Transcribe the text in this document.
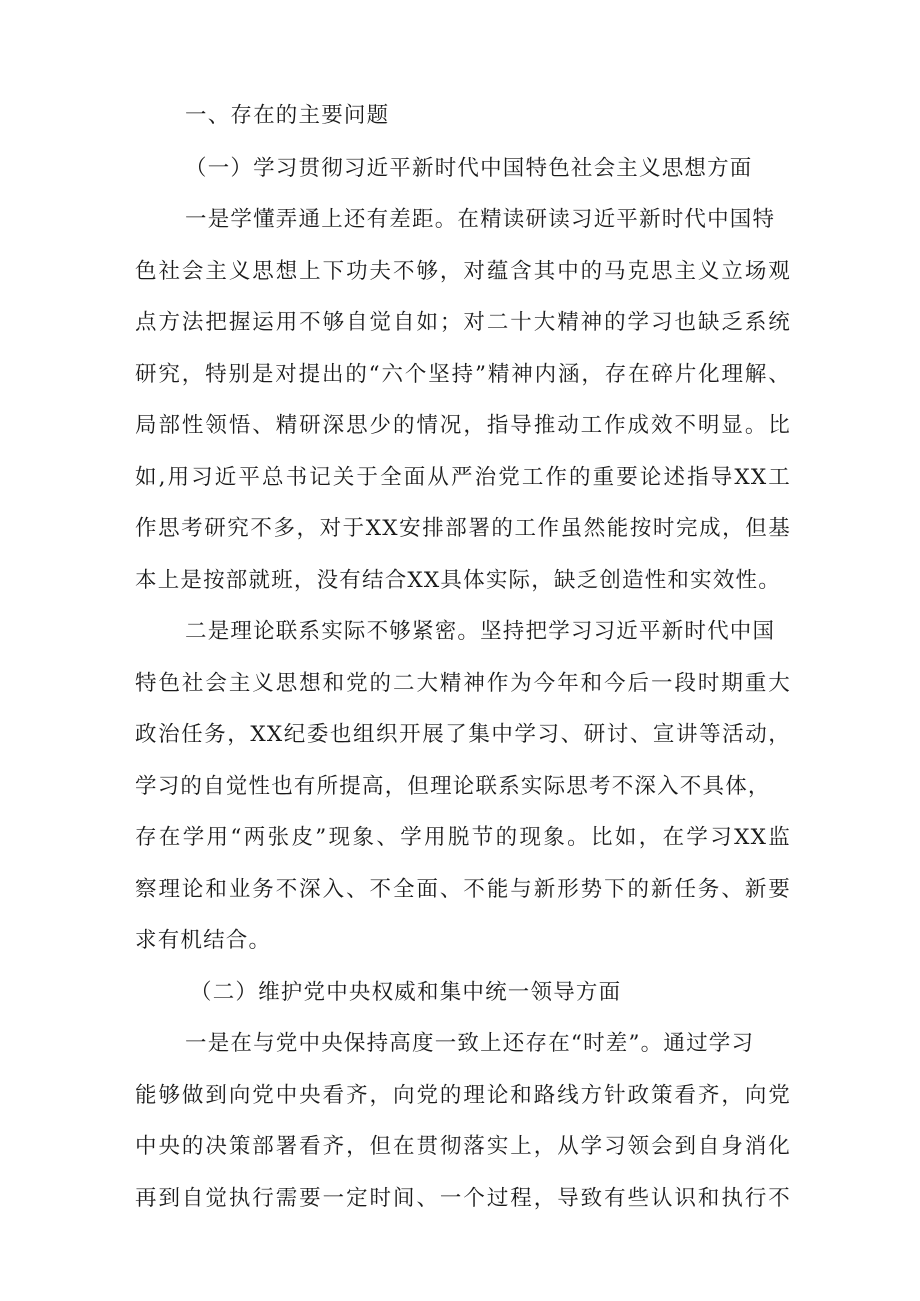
一、存在的主要问题
（一）学习贯彻习近平新时代中国特色社会主义思想方面
一是学懂弄通上还有差距。在精读研读习近平新时代中国特
色社会主义思想上下功夫不够，对蕴含其中的马克思主义立场观
点方法把握运用不够自觉自如；对二十大精神的学习也缺乏系统
研究，特别是对提出的“六个坚持”精神内涵，存在碎片化理解、
局部性领悟、精研深思少的情况，指导推动工作成效不明显。比
如,用习近平总书记关于全面从严治党工作的重要论述指导XX工
作思考研究不多，对于XX安排部署的工作虽然能按时完成，但基
本上是按部就班，没有结合XX具体实际，缺乏创造性和实效性。
二是理论联系实际不够紧密。坚持把学习习近平新时代中国
特色社会主义思想和党的二大精神作为今年和今后一段时期重大
政治任务，XX纪委也组织开展了集中学习、研讨、宣讲等活动，
学习的自觉性也有所提高，但理论联系实际思考不深入不具体，
存在学用“两张皮”现象、学用脱节的现象。比如，在学习XX监
察理论和业务不深入、不全面、不能与新形势下的新任务、新要
求有机结合。
（二）维护党中央权威和集中统一领导方面
一是在与党中央保持高度一致上还存在“时差”。通过学习
能够做到向党中央看齐，向党的理论和路线方针政策看齐，向党
中央的决策部署看齐，但在贯彻落实上，从学习领会到自身消化
再到自觉执行需要一定时间、一个过程，导致有些认识和执行不
